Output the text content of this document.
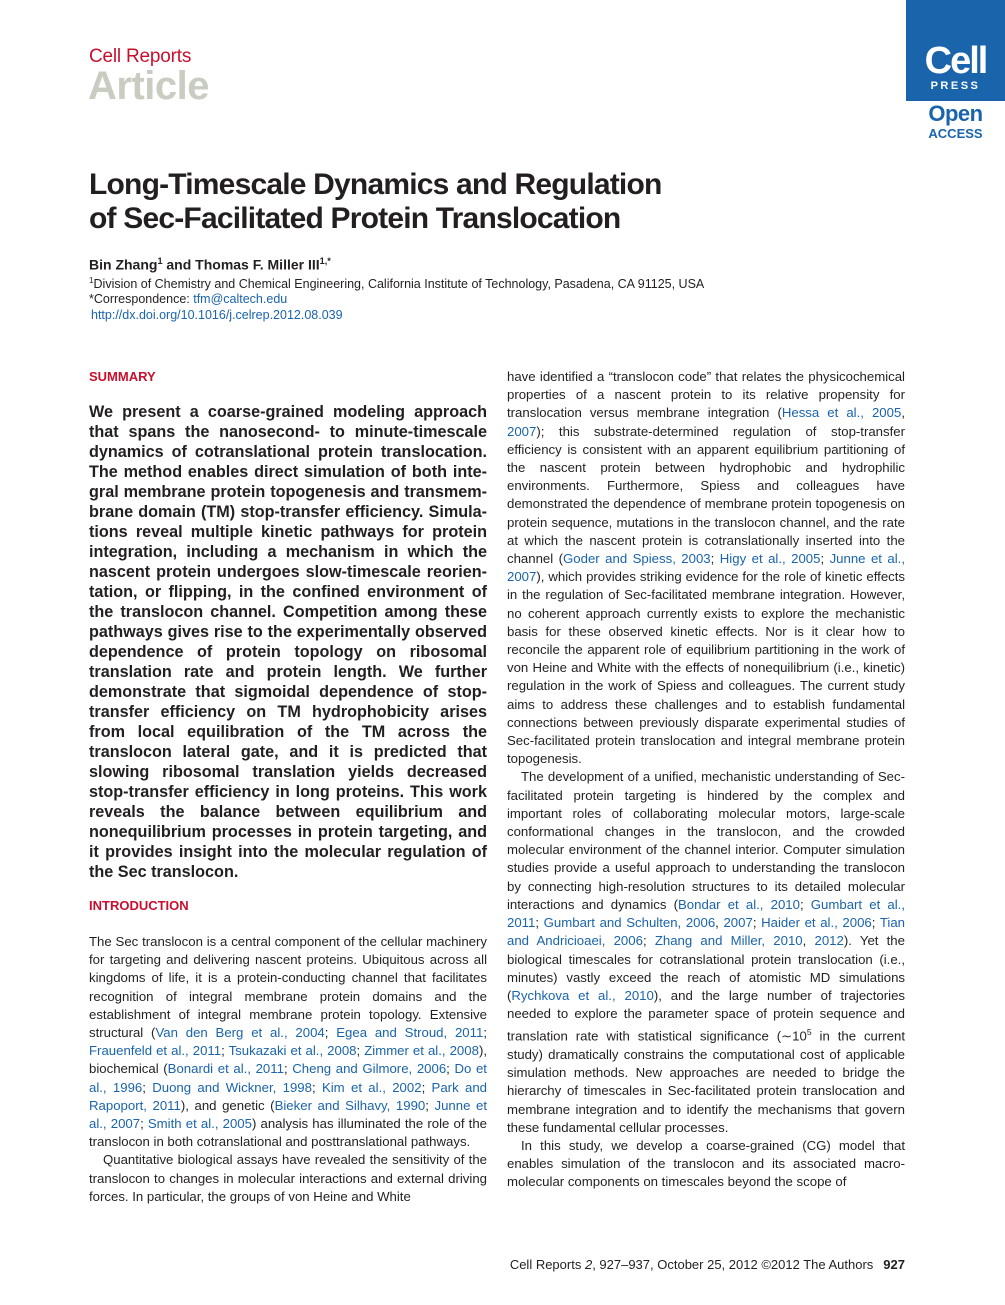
Cell Reports
Article
Cell
PRESS
Open
ACCESS
Long-Timescale Dynamics and Regulation
of Sec-Facilitated Protein Translocation
Bin Zhang$^1$ and Thomas F. Miller $III^{1,*}$
$^1$Division of Chemistry and Chemical Engineering, California Institute of Technology, Pasadena, CA 91125, USA
*Correspondence: tfm@caltech.edu
http://dx.doi.org/10.1016/j.celrep.2012.08.039
SUMMARY

We present a coarse-grained modeling approach that spans the nanosecond- to minute-timescale dynamics of cotranslational protein translocation. The method enables direct simulation of both integral membrane protein topogenesis and transmembrane domain (TM) stop-transfer efficiency. Simulations reveal multiple kinetic pathways for protein integration, including a mechanism in which the nascent protein undergoes slow-timescale reorientation, or flipping, in the confined environment of the translocon channel. Competition among these pathways gives rise to the experimentally observed dependence of protein topology on ribosomal translation rate and protein length. We further demonstrate that sigmoidal dependence of stop-transfer efficiency on TM hydrophobicity arises from local equilibration of the TM across the translocon lateral gate, and it is predicted that slowing ribosomal translation yields decreased stop-transfer efficiency in long proteins. This work reveals the balance between equilibrium and nonequilibrium processes in protein targeting, and it provides insight into the molecular regulation of the Sec translocon.

INTRODUCTION

The Sec translocon is a central component of the cellular machinery for targeting and delivering nascent proteins. Ubiquitous across all kingdoms of life, it is a protein-conducting channel that facilitates recognition of integral membrane protein domains and the establishment of integral membrane protein topology. Extensive structural (Van den Berg et al., 2004; Egea and Stroud, 2011; Frauenfeld et al., 2011; Tsukazaki et al., 2008; Zimmer et al., 2008), biochemical (Bonardi et al., 2011; Cheng and Gilmore, 2006; Do et al., 1996; Duong and Wickner, 1998; Kim et al., 2002; Park and Rapoport, 2011), and genetic (Bieker and Silhavy, 1990; Junne et al., 2007; Smith et al., 2005) analysis has illuminated the role of the translocon in both cotranslational and posttranslational pathways.

Quantitative biological assays have revealed the sensitivity of the translocon to changes in molecular interactions and external driving forces. In particular, the groups of von Heine and White

have identified a “translocon code” that relates the physicochemical properties of a nascent protein to its relative propensity for translocation versus membrane integration (Hessa et al., 2005, 2007); this substrate-determined regulation of stop-transfer efficiency is consistent with an apparent equilibrium partitioning of the nascent protein between hydrophobic and hydrophilic environments. Furthermore, Spiess and colleagues have demonstrated the dependence of membrane protein topogenesis on protein sequence, mutations in the translocon channel, and the rate at which the nascent protein is cotranslationally inserted into the channel (Goder and Spiess, 2003; Higy et al., 2005; Junne et al., 2007), which provides striking evidence for the role of kinetic effects in the regulation of Sec-facilitated membrane integration. However, no coherent approach currently exists to explore the mechanistic basis for these observed kinetic effects. Nor is it clear how to reconcile the apparent role of equilibrium partitioning in the work of von Heine and White with the effects of nonequilibrium (i.e., kinetic) regulation in the work of Spiess and colleagues. The current study aims to address these challenges and to establish fundamental connections between previously disparate experimental studies of Sec-facilitated protein translocation and integral membrane protein topogenesis.

The development of a unified, mechanistic understanding of Sec-facilitated protein targeting is hindered by the complex and important roles of collaborating molecular motors, large-scale conformational changes in the translocon, and the crowded molecular environment of the channel interior. Computer simulation studies provide a useful approach to understanding the translocon by connecting high-resolution structures to its detailed molecular interactions and dynamics (Bondar et al., 2010; Gumbart et al., 2011; Gumbart and Schulten, 2006, 2007; Haider et al., 2006; Tian and Andricioaei, 2006; Zhang and Miller, 2010, 2012). Yet the biological timescales for cotranslational protein translocation (i.e., minutes) vastly exceed the reach of atomistic MD simulations (Rychkova et al., 2010), and the large number of trajectories needed to explore the parameter space of protein sequence and translation rate with statistical significance ($\sim 10^5$ in the current study) dramatically constrains the computational cost of applicable simulation methods. New approaches are needed to bridge the hierarchy of timescales in Sec-facilitated protein translocation and membrane integration and to identify the mechanisms that govern these fundamental cellular processes.

In this study, we develop a coarse-grained (CG) model that enables simulation of the translocon and its associated macromolecular components on timescales beyond the scope of

Cell Reports 2, 927–937, October 25, 2012 ©2012 The Authors 927
